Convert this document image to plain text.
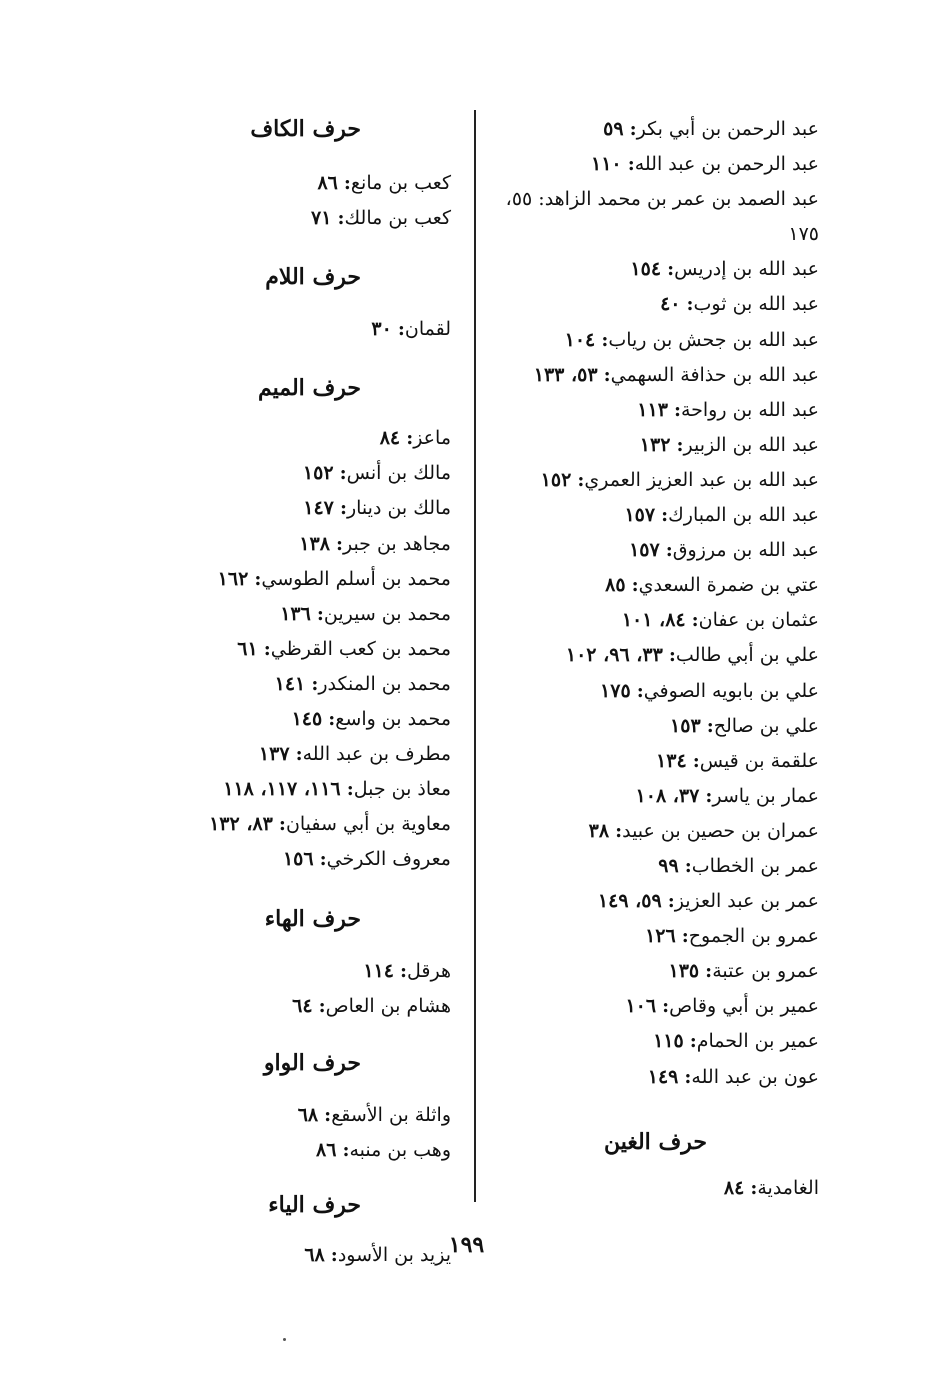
عبد الرحمن بن أبي بكر: ٥٩
عبد الرحمن بن عبد الله: ١١٠
عبد الصمد بن عمر بن محمد الزاهد: ٥٥، ١٧٥
عبد الله بن إدريس: ١٥٤
عبد الله بن ثوب: ٤٠
عبد الله بن جحش بن رياب: ١٠٤
عبد الله بن حذافة السهمي: ٥٣، ١٣٣
عبد الله بن رواحة: ١١٣
عبد الله بن الزبير: ١٣٢
عبد الله بن عبد العزيز العمري: ١٥٢
عبد الله بن المبارك: ١٥٧
عبد الله بن مرزوق: ١٥٧
عتي بن ضمرة السعدي: ٨٥
عثمان بن عفان: ٨٤، ١٠١
علي بن أبي طالب: ٣٣، ٩٦، ١٠٢
علي بن بابويه الصوفي: ١٧٥
علي بن صالح: ١٥٣
علقمة بن قيس: ١٣٤
عمار بن ياسر: ٣٧، ١٠٨
عمران بن حصين بن عبيد: ٣٨
عمر بن الخطاب: ٩٩
عمر بن عبد العزيز: ٥٩، ١٤٩
عمرو بن الجموح: ١٢٦
عمرو بن عتبة: ١٣٥
عمير بن أبي وقاص: ١٠٦
عمير بن الحمام: ١١٥
عون بن عبد الله: ١٤٩
حرف الغين
الغامدية: ٨٤
حرف الكاف
كعب بن مانع: ٨٦
كعب بن مالك: ٧١
حرف اللام
لقمان: ٣٠
حرف الميم
ماعز: ٨٤
مالك بن أنس: ١٥٢
مالك بن دينار: ١٤٧
مجاهد بن جبر: ١٣٨
محمد بن أسلم الطوسي: ١٦٢
محمد بن سيرين: ١٣٦
محمد بن كعب القرظي: ٦١
محمد بن المنكدر: ١٤١
محمد بن واسع: ١٤٥
مطرف بن عبد الله: ١٣٧
معاذ بن جبل: ١١٦، ١١٧، ١١٨
معاوية بن أبي سفيان: ٨٣، ١٣٢
معروف الكرخي: ١٥٦
حرف الهاء
هرقل: ١١٤
هشام بن العاص: ٦٤
حرف الواو
واثلة بن الأسقع: ٦٨
وهب بن منبه: ٨٦
حرف الياء
يزيد بن الأسود: ٦٨	١٩٩
